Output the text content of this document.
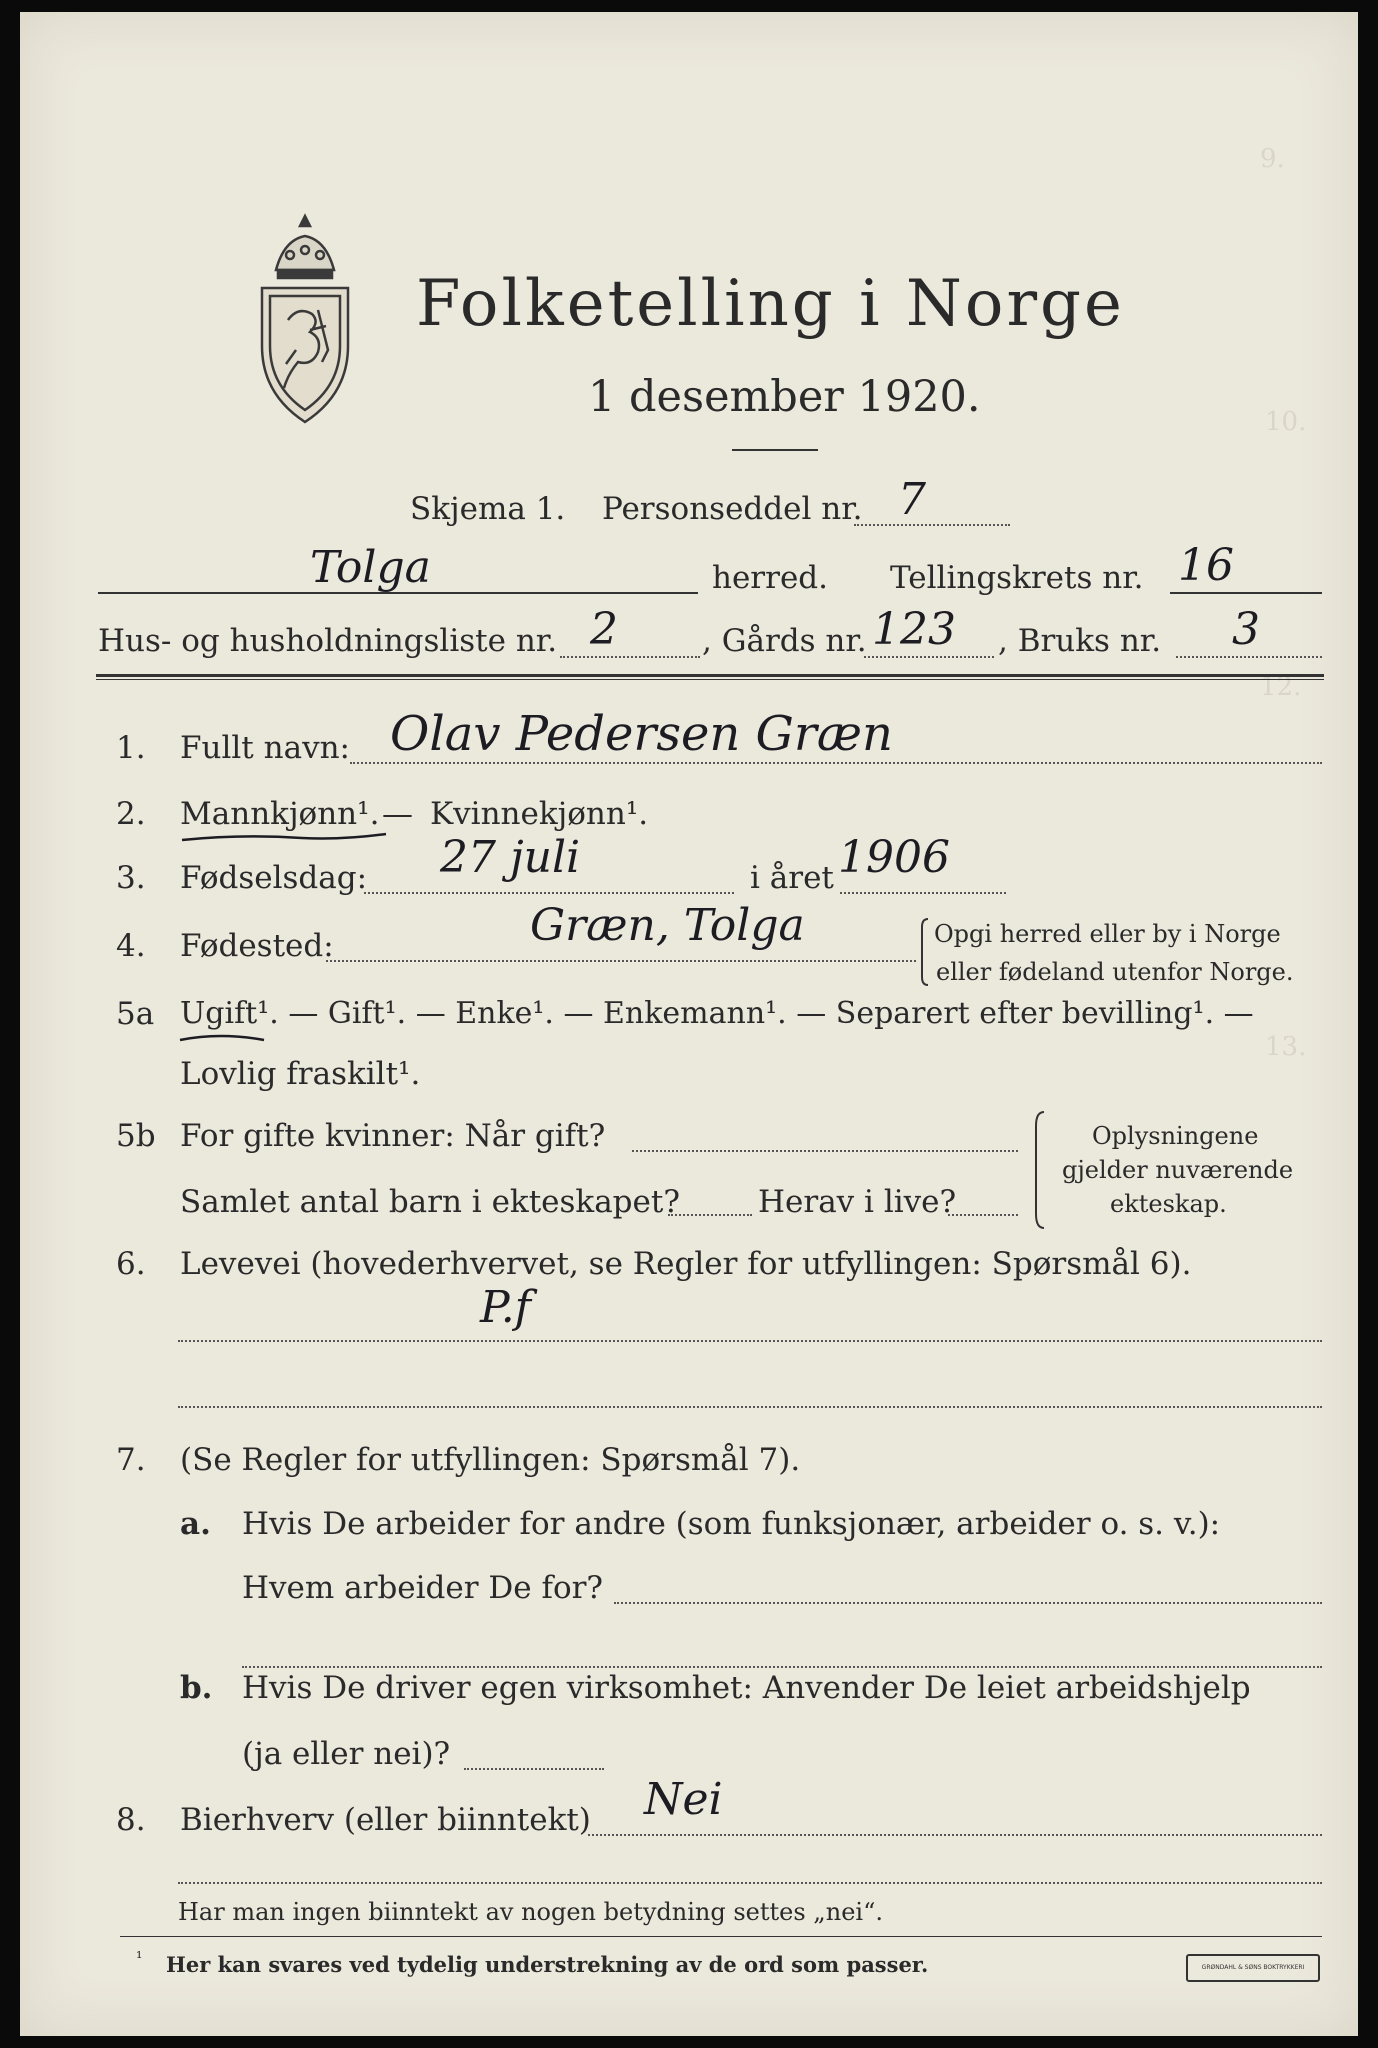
9.
10.
12.
13.
Folketelling i Norge
1 desember 1920.
Skjema 1. Personseddel nr. 7
Tolga	herred. Tellingskrets nr. 16
Hus- og husholdningsliste nr. 2	, Gårds nr. 123 , Bruks nr. 3
1. Fullt navn: Olav Pedersen Græn
2. Mannkjønn¹. — Kvinnekjønn¹.
3. Fødselsdag: 27 juli	i året 1906
4. Fødested:	Græn, Tolga	Opgi herred eller by i Norge
eller fødeland utenfor Norge.
5a Ugift¹. — Gift¹. — Enke¹. — Enkemann¹. — Separert efter bevilling¹. —
Lovlig fraskilt¹.
5b For gifte kvinner: Når gift?
Samlet antal barn i ekteskapet?	Herav i live?
Oplysningene
gjelder nuværende
ekteskap.
6. Levevei (hovederhvervet, se Regler for utfyllingen: Spørsmål 6).
P.f
7. (Se Regler for utfyllingen: Spørsmål 7).
a. Hvis De arbeider for andre (som funksjonær, arbeider o. s. v.):
Hvem arbeider De for?
b. Hvis De driver egen virksomhet: Anvender De leiet arbeidshjelp
(ja eller nei)?
8. Bierhverv (eller biinntekt) Nei
Har man ingen biinntekt av nogen betydning settes „nei“.
¹ Her kan svares ved tydelig understrekning av de ord som passer.	GRØNDAHL & SØNS BOKTRYKKERI
